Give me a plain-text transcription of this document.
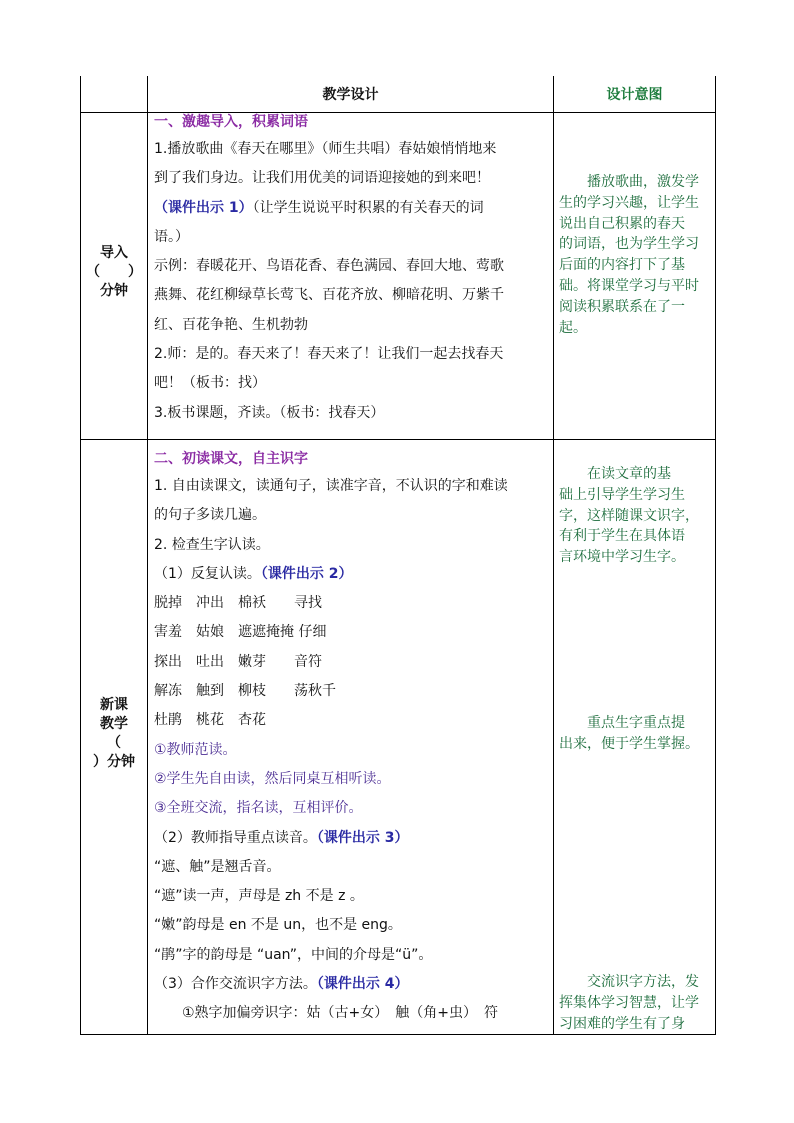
教学设计	设计意图
导入
（　　）
分钟
一、激趣导入，积累词语
1.播放歌曲《春天在哪里》（师生共唱）春姑娘悄悄地来
到了我们身边。让我们用优美的词语迎接她的到来吧！
（课件出示 1）（让学生说说平时积累的有关春天的词
语。）
示例：春暖花开、鸟语花香、春色满园、春回大地、莺歌
燕舞、花红柳绿草长莺飞、百花齐放、柳暗花明、万紫千
红、百花争艳、生机勃勃
2.师：是的。春天来了！春天来了！让我们一起去找春天
吧！（板书：找）
3.板书课题，齐读。（板书：找春天）
　　播放歌曲，激发学
生的学习兴趣，让学生
说出自己积累的春天
的词语，也为学生学习
后面的内容打下了基
础。将课堂学习与平时
阅读积累联系在了一
起。
新课
教学
（
）分钟
二、初读课文，自主识字
1. 自由读课文，读通句子，读准字音，不认识的字和难读
的句子多读几遍。
2. 检查生字认读。
（1）反复认读。（课件出示 2）
脱掉　冲出　棉袄　　寻找
害羞　姑娘　遮遮掩掩 仔细
探出　吐出　嫩芽　　音符
解冻　触到　柳枝　　荡秋千
杜鹃　桃花　杏花
①教师范读。
②学生先自由读，然后同桌互相听读。
③全班交流，指名读，互相评价。
（2）教师指导重点读音。（课件出示 3）
“遮、触”是翘舌音。
“遮”读一声，声母是 zh 不是 z 。
“嫩”韵母是 en 不是 un，也不是 eng。
“鹃”字的韵母是 “uan”，中间的介母是“ü”。
（3）合作交流识字方法。（课件出示 4）
　　①熟字加偏旁识字：姑（古+女）　触（角+虫）　符
　　在读文章的基
础上引导学生学习生
字，这样随课文识字，
有利于学生在具体语
言环境中学习生字。
　　重点生字重点提
出来，便于学生掌握。
　　交流识字方法，发
挥集体学习智慧，让学
习困难的学生有了身
